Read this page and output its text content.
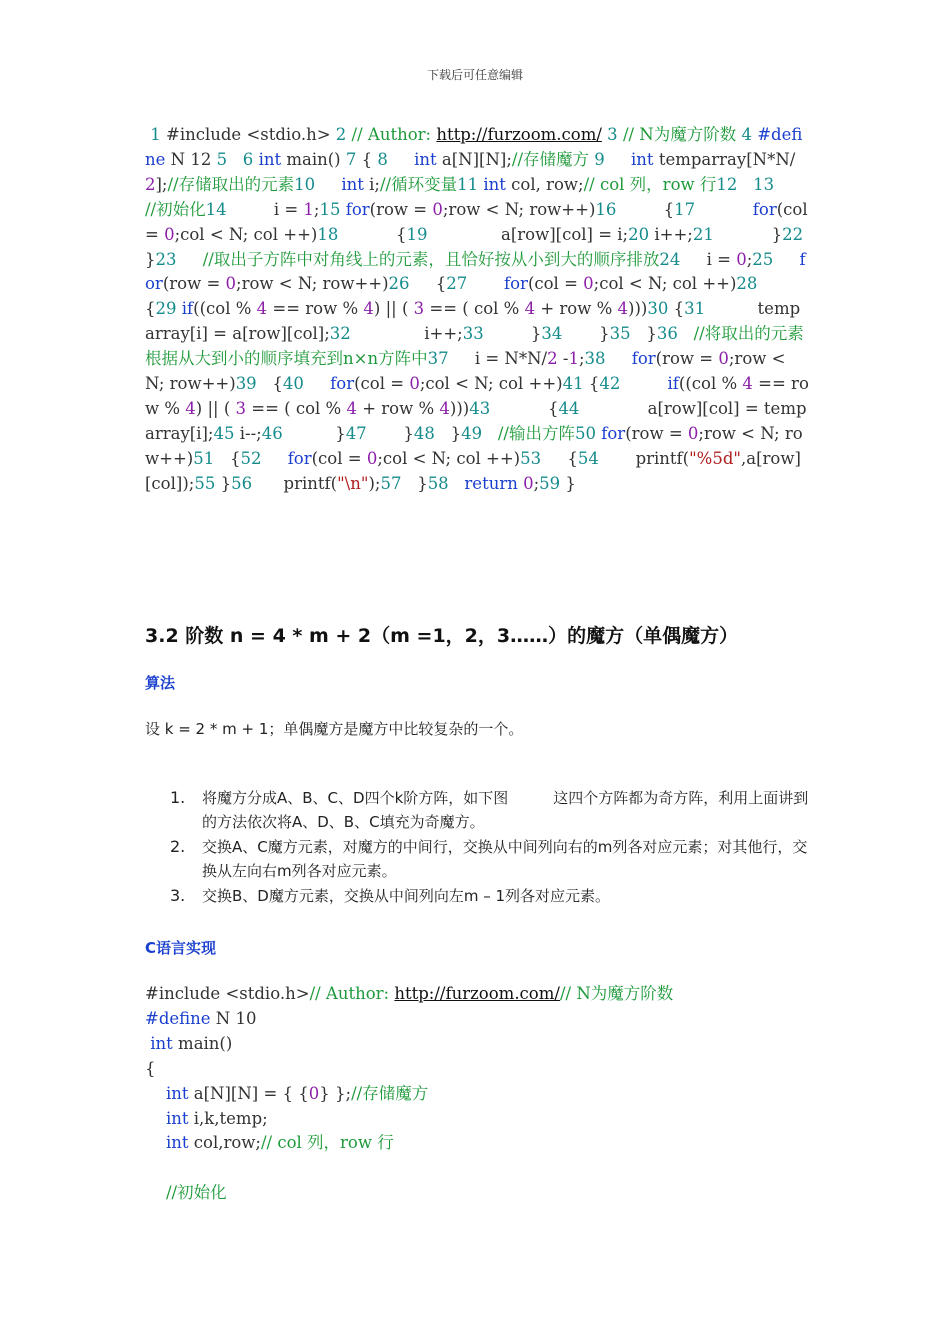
下载后可任意编辑
1 #include <stdio.h> 2 // Author: http://furzoom.com/ 3 // N为魔方阶数 4 #define N 12 5   6 int main() 7 { 8     int a[N][N];//存储魔方 9     int temparray[N*N/2];//存储取出的元素10     int i;//循环变量11 int col, row;// col 列，row 行12   13     //初始化14         i = 1;15 for(row = 0;row < N; row++)16         {17           for(col = 0;col < N; col ++)18           {19              a[row][col] = i;20 i++;21           }22       }23     //取出子方阵中对角线上的元素，且恰好按从小到大的顺序排放24     i = 0;25     for(row = 0;row < N; row++)26     {27       for(col = 0;col < N; col ++)28         {29 if((col % 4 == row % 4) || ( 3 == ( col % 4 + row % 4)))30 {31          temparray[i] = a[row][col];32              i++;33         }34       }35   }36   //将取出的元素根据从大到小的顺序填充到n×n方阵中37     i = N*N/2 -1;38     for(row = 0;row < N; row++)39   {40     for(col = 0;col < N; col ++)41 {42         if((col % 4 == row % 4) || ( 3 == ( col % 4 + row % 4)))43           {44             a[row][col] = temparray[i];45 i--;46          }47       }48   }49   //输出方阵50 for(row = 0;row < N; row++)51   {52     for(col = 0;col < N; col ++)53     {54       printf("%5d",a[row][col]);55 }56      printf("\n");57   }58   return 0;59 }
3.2 阶数 n = 4 * m + 2（m =1，2，3……）的魔方（单偶魔方）
算法
设 k = 2 * m + 1；单偶魔方是魔方中比较复杂的一个。
1. 将魔方分成A、B、C、D四个k阶方阵，如下图　　　这四个方阵都为奇方阵，利用上面讲到的方法依次将A、D、B、C填充为奇魔方。
2. 交换A、C魔方元素，对魔方的中间行，交换从中间列向右的m列各对应元素；对其他行，交换从左向右m列各对应元素。
3. 交换B、D魔方元素，交换从中间列向左m – 1列各对应元素。
C语言实现
#include <stdio.h>// Author: http://furzoom.com/// N为魔方阶数
#define N 10
int main()
{
int a[N][N] = { {0} };//存储魔方
int i,k,temp;
int col,row;// col 列，row 行

//初始化
